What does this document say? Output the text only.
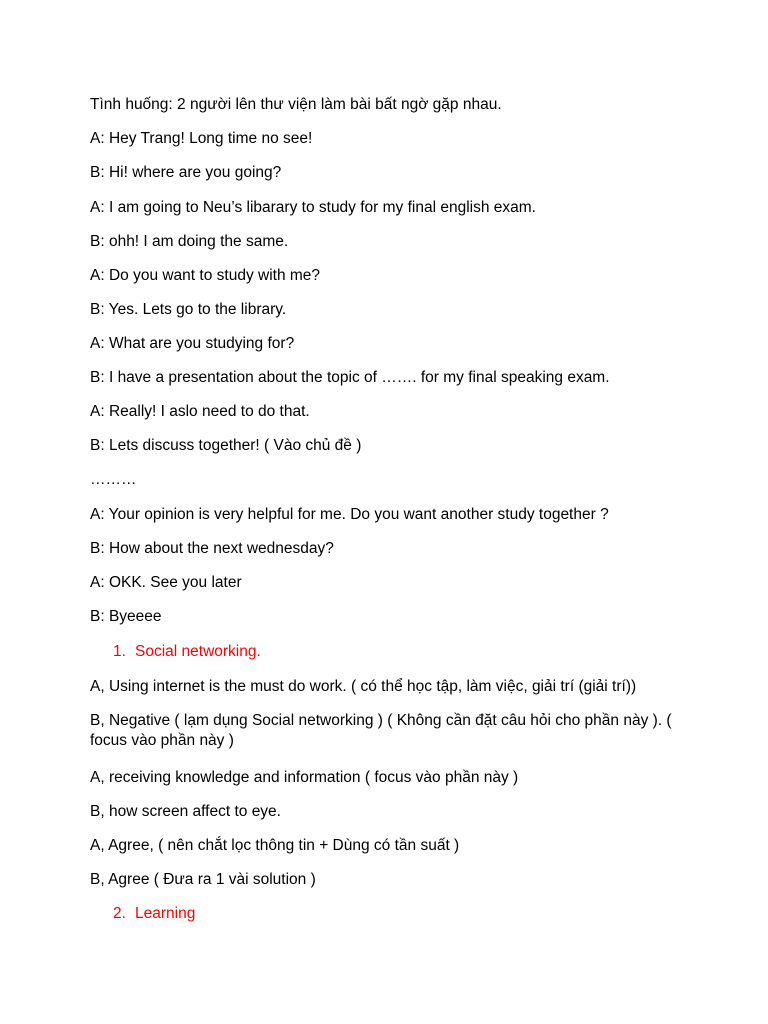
Tình huống: 2 người lên thư viện làm bài bất ngờ gặp nhau.

A: Hey Trang! Long time no see!

B: Hi! where are you going?

A: I am going to Neu’s libarary to study for my final english exam.

B: ohh! I am doing the same.

A: Do you want to study with me?

B: Yes. Lets go to the library.

A: What are you studying for?

B: I have a presentation about the topic of ……. for my final speaking exam.

A: Really! I aslo need to do that.

B: Lets discuss together! ( Vào chủ đề )

………

A: Your opinion is very helpful for me. Do you want another study together ?

B: How about the next wednesday?

A: OKK. See you later

B: Byeeee

1. Social networking.

A, Using internet is the must do work. ( có thể học tập, làm việc, giải trí (giải trí))

B, Negative ( lạm dụng Social networking ) ( Không cần đặt câu hỏi cho phần này ). ( focus vào phần này )

A, receiving knowledge and information ( focus vào phần này )

B, how screen affect to eye.

A, Agree, ( nên chắt lọc thông tin + Dùng có tần suất )

B, Agree ( Đưa ra 1 vài solution )

2. Learning
